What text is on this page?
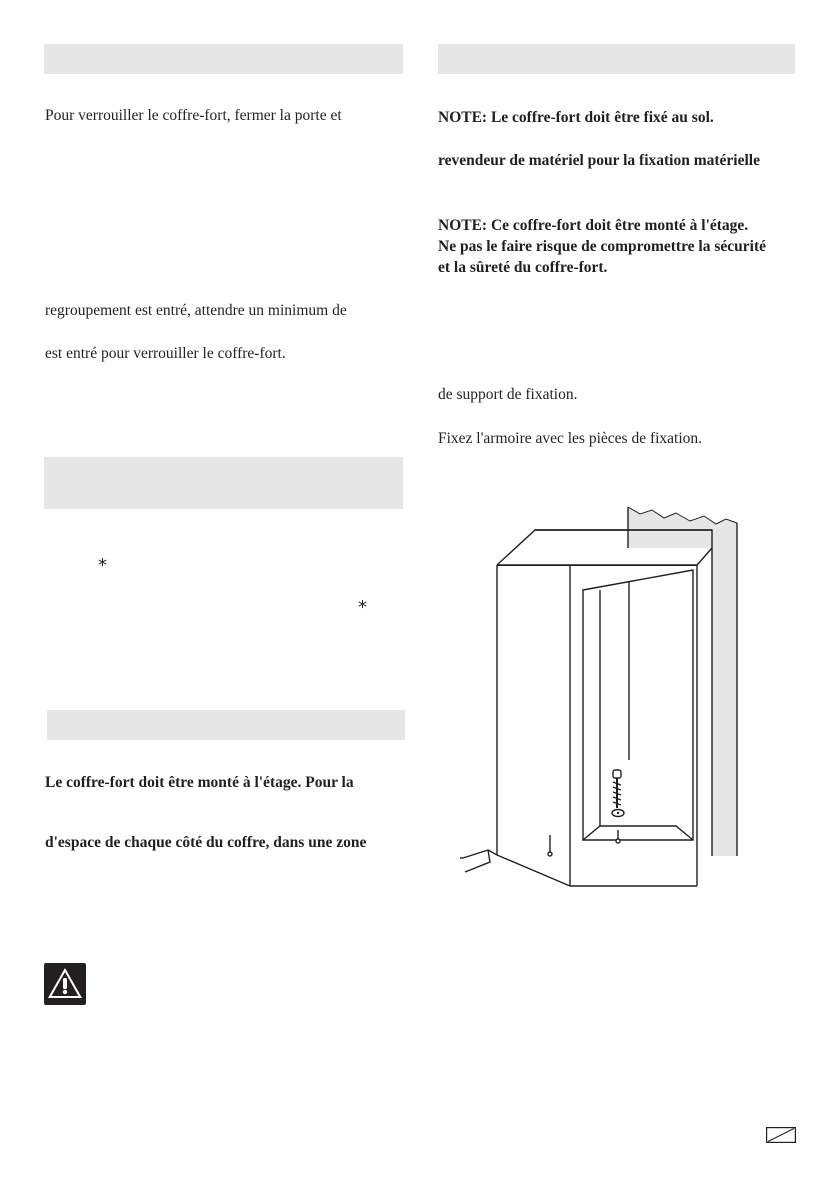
Pour verrouiller le coffre-fort, fermer la porte et
regroupement est entré, attendre un minimum de
est entré pour verrouiller le coffre-fort.
*
*
Le coffre-fort doit être monté à l'étage. Pour la
d'espace de chaque côté du coffre, dans une zone
NOTE: Le coffre-fort doit être fixé au sol.
revendeur de matériel pour la fixation matérielle
NOTE: Ce coffre-fort doit être monté à l'étage.
Ne pas le faire risque de compromettre la sécurité
et la sûreté du coffre-fort.
de support de fixation.
Fixez l'armoire avec les pièces de fixation.
